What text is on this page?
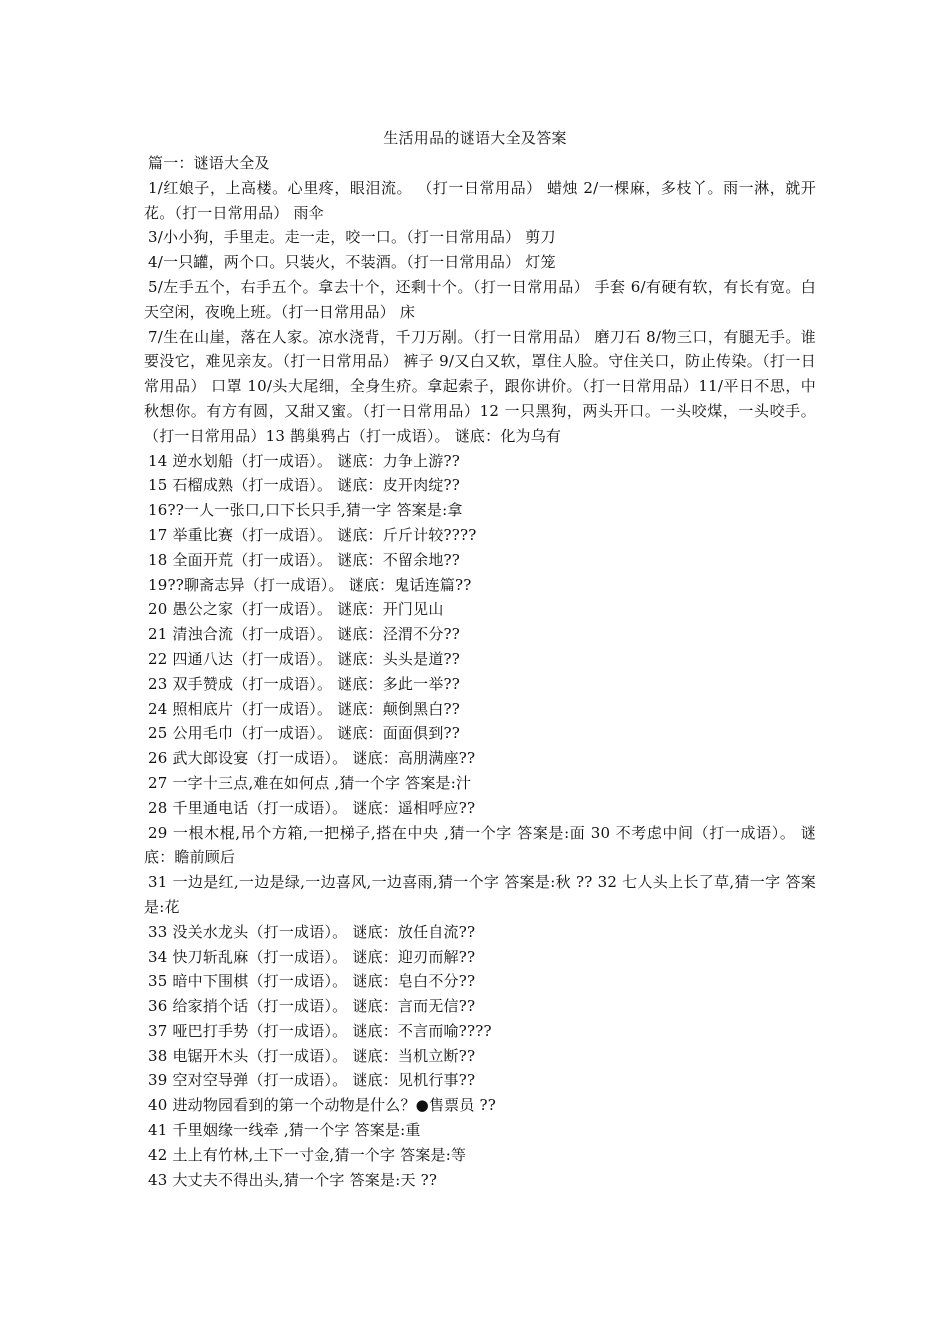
生活用品的谜语大全及答案

篇一：谜语大全及

1/红娘子，上高楼。心里疼，眼泪流。 （打一日常用品） 蜡烛 2/一棵麻，多枝丫。雨一淋，就开花。（打一日常用品） 雨伞

3/小小狗，手里走。走一走，咬一口。（打一日常用品） 剪刀

4/一只罐，两个口。只装火，不装酒。（打一日常用品） 灯笼

5/左手五个，右手五个。拿去十个，还剩十个。（打一日常用品） 手套 6/有硬有软，有长有宽。白天空闲，夜晚上班。（打一日常用品） 床

7/生在山崖，落在人家。凉水浇背，千刀万剐。（打一日常用品） 磨刀石 8/物三口，有腿无手。谁要没它，难见亲友。（打一日常用品） 裤子 9/又白又软，罩住人脸。守住关口，防止传染。（打一日常用品） 口罩 10/头大尾细，全身生疥。拿起索子，跟你讲价。（打一日常用品）11/平日不思，中秋想你。有方有圆，又甜又蜜。（打一日常用品）12 一只黑狗，两头开口。一头咬煤，一头咬手。（打一日常用品）13 鹊巢鸦占（打一成语）。 谜底：化为乌有

14 逆水划船（打一成语）。 谜底：力争上游??

15 石榴成熟（打一成语）。 谜底：皮开肉绽??

16??一人一张口,口下长只手,猜一字 答案是:拿

17 举重比赛（打一成语）。 谜底：斤斤计较????

18 全面开荒（打一成语）。 谜底：不留余地??

19??聊斋志异（打一成语）。 谜底：鬼话连篇??

20 愚公之家（打一成语）。 谜底：开门见山

21 清浊合流（打一成语）。 谜底：泾渭不分??

22 四通八达（打一成语）。 谜底：头头是道??

23 双手赞成（打一成语）。 谜底：多此一举??

24 照相底片（打一成语）。 谜底：颠倒黑白??

25 公用毛巾（打一成语）。 谜底：面面俱到??

26 武大郎设宴（打一成语）。 谜底：高朋满座??

27 一字十三点,难在如何点 ,猜一个字 答案是:汁

28 千里通电话（打一成语）。 谜底：遥相呼应??

29 一根木棍,吊个方箱,一把梯子,搭在中央 ,猜一个字 答案是:面 30 不考虑中间（打一成语）。 谜底：瞻前顾后

31 一边是红,一边是绿,一边喜风,一边喜雨,猜一个字 答案是:秋 ?? 32 七人头上长了草,猜一字 答案是:花

33 没关水龙头（打一成语）。 谜底：放任自流??

34 快刀斩乱麻（打一成语）。 谜底：迎刃而解??

35 暗中下围棋（打一成语）。 谜底：皂白不分??

36 给家捎个话（打一成语）。 谜底：言而无信??

37 哑巴打手势（打一成语）。 谜底：不言而喻????

38 电锯开木头（打一成语）。 谜底：当机立断??

39 空对空导弹（打一成语）。 谜底：见机行事??

40 进动物园看到的第一个动物是什么？●售票员 ??

41 千里姻缘一线牵 ,猜一个字 答案是:重

42 土上有竹林,土下一寸金,猜一个字 答案是:等

43 大丈夫不得出头,猜一个字 答案是:天 ??
